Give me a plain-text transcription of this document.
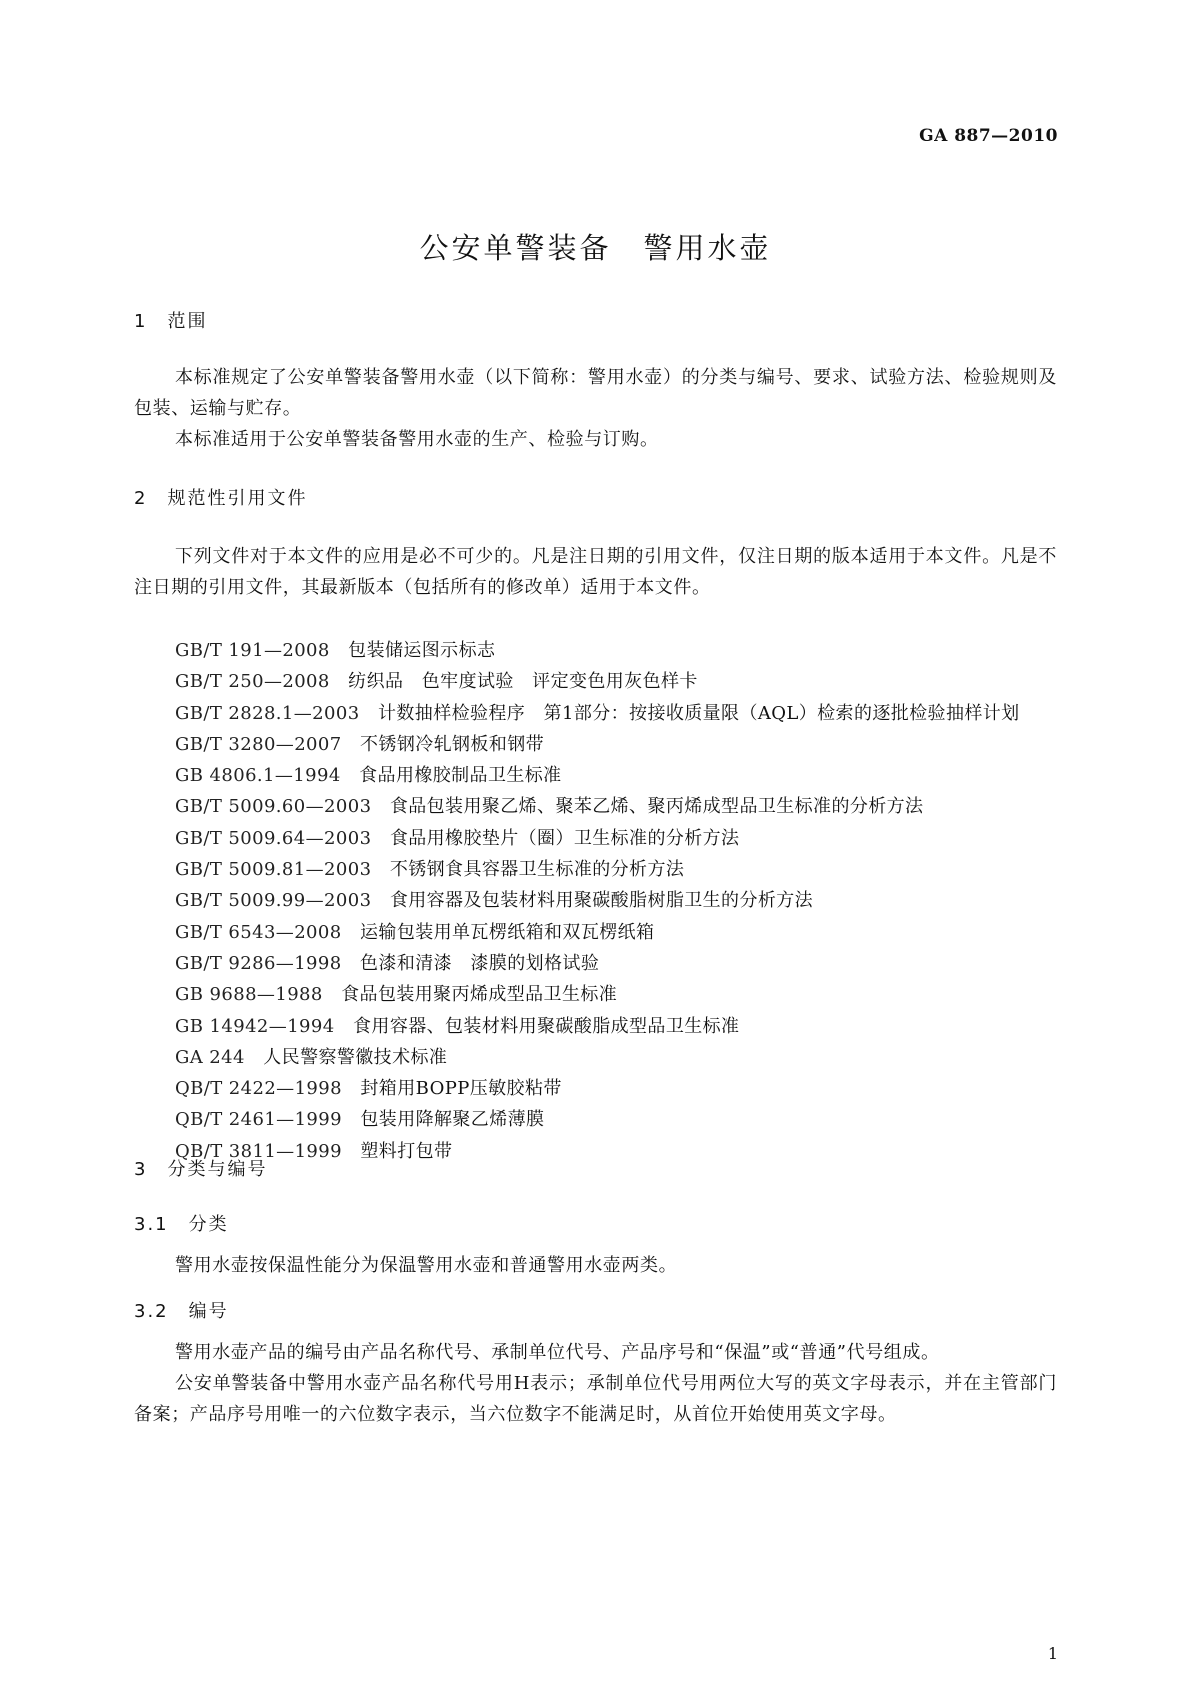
GA 887—2010
公安单警装备　警用水壶
1　范围
本标准规定了公安单警装备警用水壶（以下简称：警用水壶）的分类与编号、要求、试验方法、检验规则及包装、运输与贮存。
本标准适用于公安单警装备警用水壶的生产、检验与订购。
2　规范性引用文件
下列文件对于本文件的应用是必不可少的。凡是注日期的引用文件，仅注日期的版本适用于本文件。凡是不注日期的引用文件，其最新版本（包括所有的修改单）适用于本文件。
GB/T 191—2008　 包装储运图示标志
GB/T 250—2008　 纺织品　色牢度试验　评定变色用灰色样卡
GB/T 2828.1—2003　 计数抽样检验程序　第1部分：按接收质量限（AQL）检索的逐批检验抽样计划
GB/T 3280—2007　 不锈钢冷轧钢板和钢带
GB 4806.1—1994　 食品用橡胶制品卫生标准
GB/T 5009.60—2003　 食品包装用聚乙烯、聚苯乙烯、聚丙烯成型品卫生标准的分析方法
GB/T 5009.64—2003　 食品用橡胶垫片（圈）卫生标准的分析方法
GB/T 5009.81—2003　 不锈钢食具容器卫生标准的分析方法
GB/T 5009.99—2003　 食用容器及包装材料用聚碳酸脂树脂卫生的分析方法
GB/T 6543—2008　 运输包装用单瓦楞纸箱和双瓦楞纸箱
GB/T 9286—1998　 色漆和清漆　漆膜的划格试验
GB 9688—1988　 食品包装用聚丙烯成型品卫生标准
GB 14942—1994　 食用容器、包装材料用聚碳酸脂成型品卫生标准
GA 244　 人民警察警徽技术标准
QB/T 2422—1998　 封箱用BOPP压敏胶粘带
QB/T 2461—1999　 包装用降解聚乙烯薄膜
QB/T 3811—1999　 塑料打包带
3　分类与编号
3.1　分类
警用水壶按保温性能分为保温警用水壶和普通警用水壶两类。
3.2　编号
警用水壶产品的编号由产品名称代号、承制单位代号、产品序号和“保温”或“普通”代号组成。
公安单警装备中警用水壶产品名称代号用H表示；承制单位代号用两位大写的英文字母表示，并在主管部门备案；产品序号用唯一的六位数字表示，当六位数字不能满足时，从首位开始使用英文字母。
1
